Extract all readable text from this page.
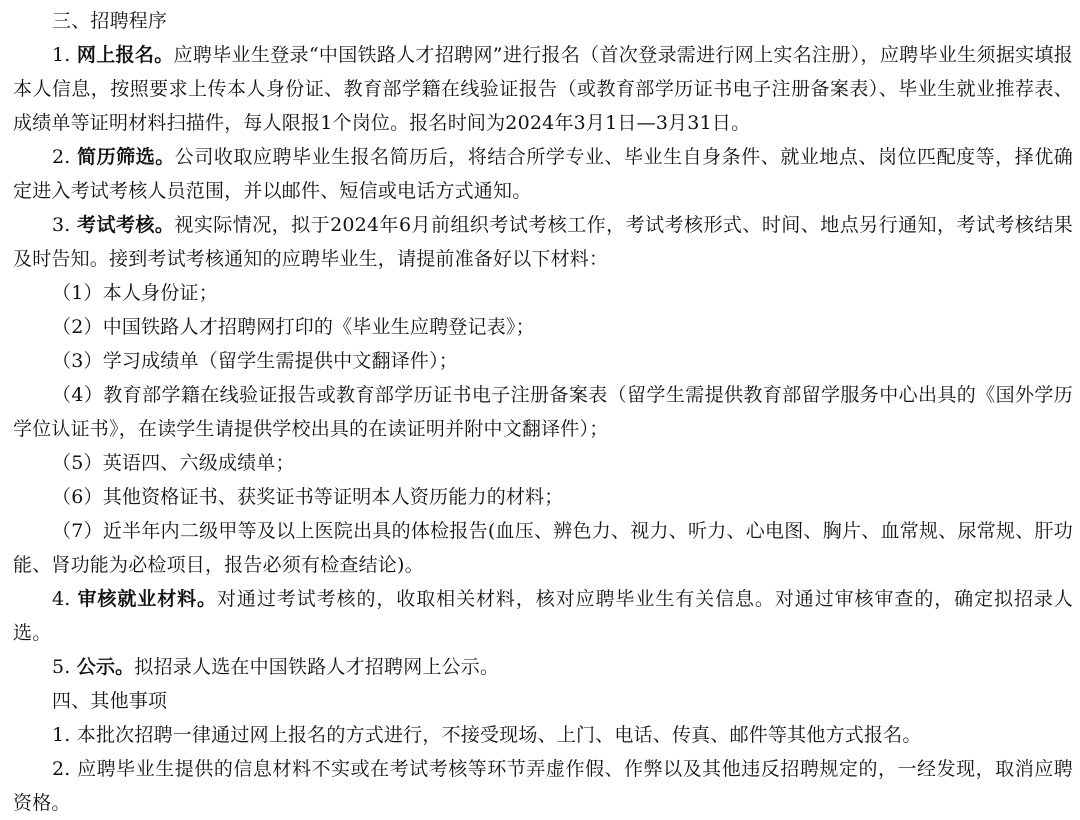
三、招聘程序

1. 网上报名。应聘毕业生登录“中国铁路人才招聘网”进行报名（首次登录需进行网上实名注册），应聘毕业生须据实填报本人信息，按照要求上传本人身份证、教育部学籍在线验证报告（或教育部学历证书电子注册备案表）、毕业生就业推荐表、成绩单等证明材料扫描件，每人限报1个岗位。报名时间为2024年3月1日—3月31日。

2. 简历筛选。公司收取应聘毕业生报名简历后，将结合所学专业、毕业生自身条件、就业地点、岗位匹配度等，择优确定进入考试考核人员范围，并以邮件、短信或电话方式通知。

3. 考试考核。视实际情况，拟于2024年6月前组织考试考核工作，考试考核形式、时间、地点另行通知，考试考核结果及时告知。接到考试考核通知的应聘毕业生，请提前准备好以下材料：

（1）本人身份证；

（2）中国铁路人才招聘网打印的《毕业生应聘登记表》；

（3）学习成绩单（留学生需提供中文翻译件）；

（4）教育部学籍在线验证报告或教育部学历证书电子注册备案表（留学生需提供教育部留学服务中心出具的《国外学历学位认证书》，在读学生请提供学校出具的在读证明并附中文翻译件）；

（5）英语四、六级成绩单；

（6）其他资格证书、获奖证书等证明本人资历能力的材料；

（7）近半年内二级甲等及以上医院出具的体检报告(血压、辨色力、视力、听力、心电图、胸片、血常规、尿常规、肝功能、肾功能为必检项目，报告必须有检查结论)。

4. 审核就业材料。对通过考试考核的，收取相关材料，核对应聘毕业生有关信息。对通过审核审查的，确定拟招录人选。

5. 公示。拟招录人选在中国铁路人才招聘网上公示。

四、其他事项

1. 本批次招聘一律通过网上报名的方式进行，不接受现场、上门、电话、传真、邮件等其他方式报名。

2. 应聘毕业生提供的信息材料不实或在考试考核等环节弄虚作假、作弊以及其他违反招聘规定的，一经发现，取消应聘资格。
